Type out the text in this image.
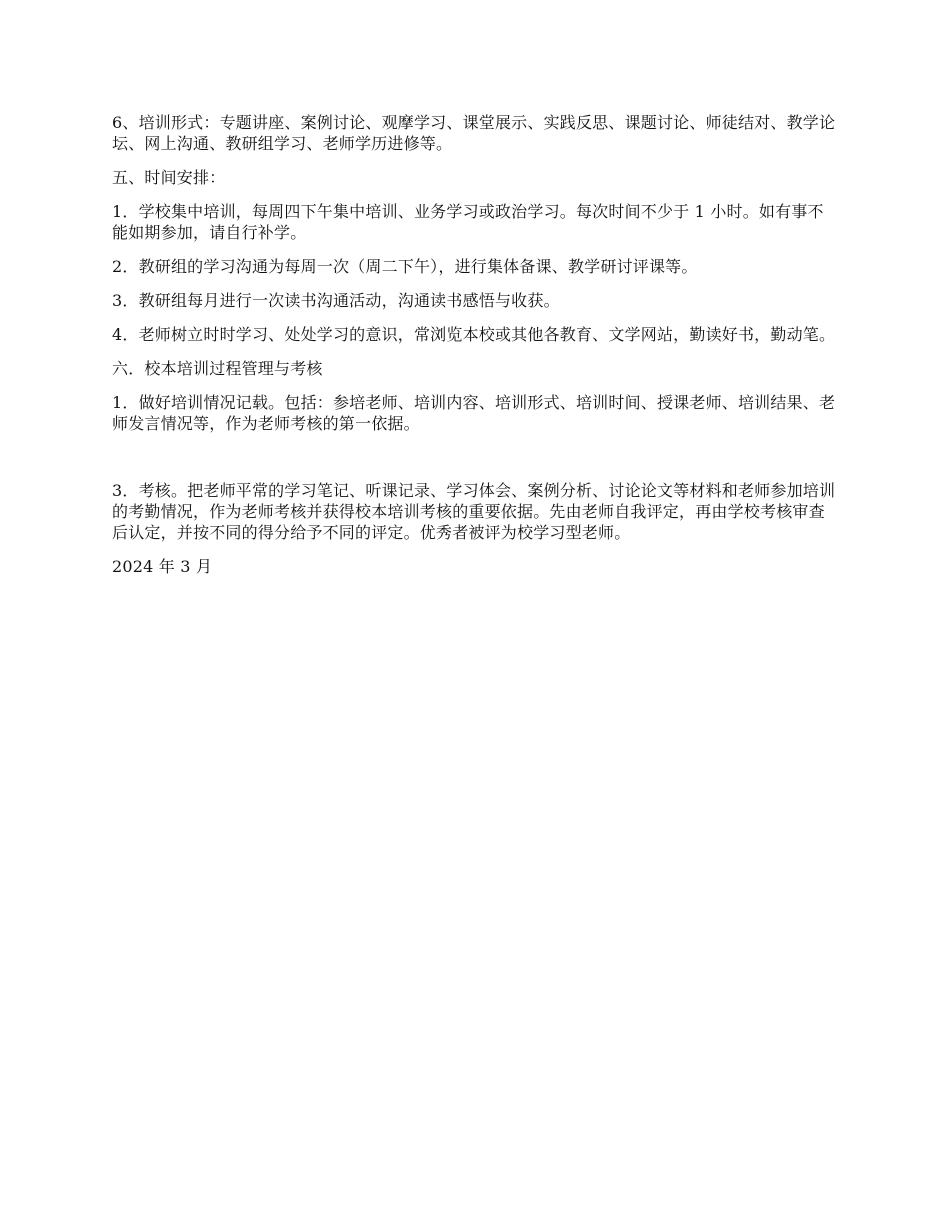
6、培训形式：专题讲座、案例讨论、观摩学习、课堂展示、实践反思、课题讨论、师徒结对、教学论坛、网上沟通、教研组学习、老师学历进修等。

五、时间安排：

1．学校集中培训，每周四下午集中培训、业务学习或政治学习。每次时间不少于 1 小时。如有事不能如期参加，请自行补学。

2．教研组的学习沟通为每周一次（周二下午），进行集体备课、教学研讨评课等。

3．教研组每月进行一次读书沟通活动，沟通读书感悟与收获。

4．老师树立时时学习、处处学习的意识，常浏览本校或其他各教育、文学网站，勤读好书，勤动笔。

六．校本培训过程管理与考核

1．做好培训情况记载。包括：参培老师、培训内容、培训形式、培训时间、授课老师、培训结果、老师发言情况等，作为老师考核的第一依据。

3．考核。把老师平常的学习笔记、听课记录、学习体会、案例分析、讨论论文等材料和老师参加培训的考勤情况，作为老师考核并获得校本培训考核的重要依据。先由老师自我评定，再由学校考核审查后认定，并按不同的得分给予不同的评定。优秀者被评为校学习型老师。

2024 年 3 月
